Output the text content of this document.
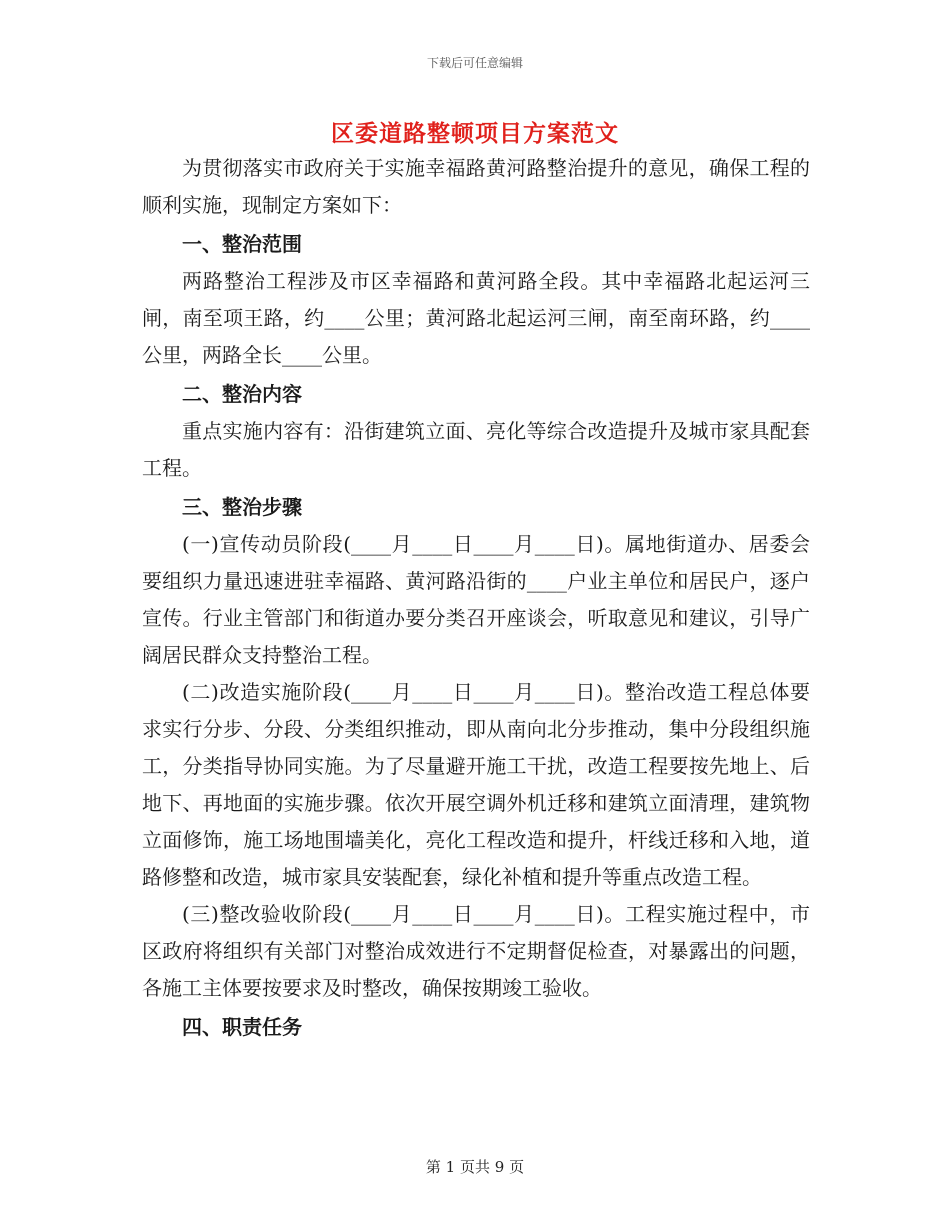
下载后可任意编辑
区委道路整顿项目方案范文

为贯彻落实市政府关于实施幸福路黄河路整治提升的意见，确保工程的顺利实施，现制定方案如下：

一、整治范围

两路整治工程涉及市区幸福路和黄河路全段。其中幸福路北起运河三闸，南至项王路，约____公里；黄河路北起运河三闸，南至南环路，约____公里，两路全长____公里。

二、整治内容

重点实施内容有：沿街建筑立面、亮化等综合改造提升及城市家具配套工程。

三、整治步骤

(一)宣传动员阶段(____月____日____月____日)。属地街道办、居委会要组织力量迅速进驻幸福路、黄河路沿街的____户业主单位和居民户，逐户宣传。行业主管部门和街道办要分类召开座谈会，听取意见和建议，引导广阔居民群众支持整治工程。

(二)改造实施阶段(____月____日____月____日)。整治改造工程总体要求实行分步、分段、分类组织推动，即从南向北分步推动，集中分段组织施工，分类指导协同实施。为了尽量避开施工干扰，改造工程要按先地上、后地下、再地面的实施步骤。依次开展空调外机迁移和建筑立面清理，建筑物立面修饰，施工场地围墙美化，亮化工程改造和提升，杆线迁移和入地，道路修整和改造，城市家具安装配套，绿化补植和提升等重点改造工程。

(三)整改验收阶段(____月____日____月____日)。工程实施过程中，市区政府将组织有关部门对整治成效进行不定期督促检查，对暴露出的问题，各施工主体要按要求及时整改，确保按期竣工验收。

四、职责任务
第 1 页共 9 页
